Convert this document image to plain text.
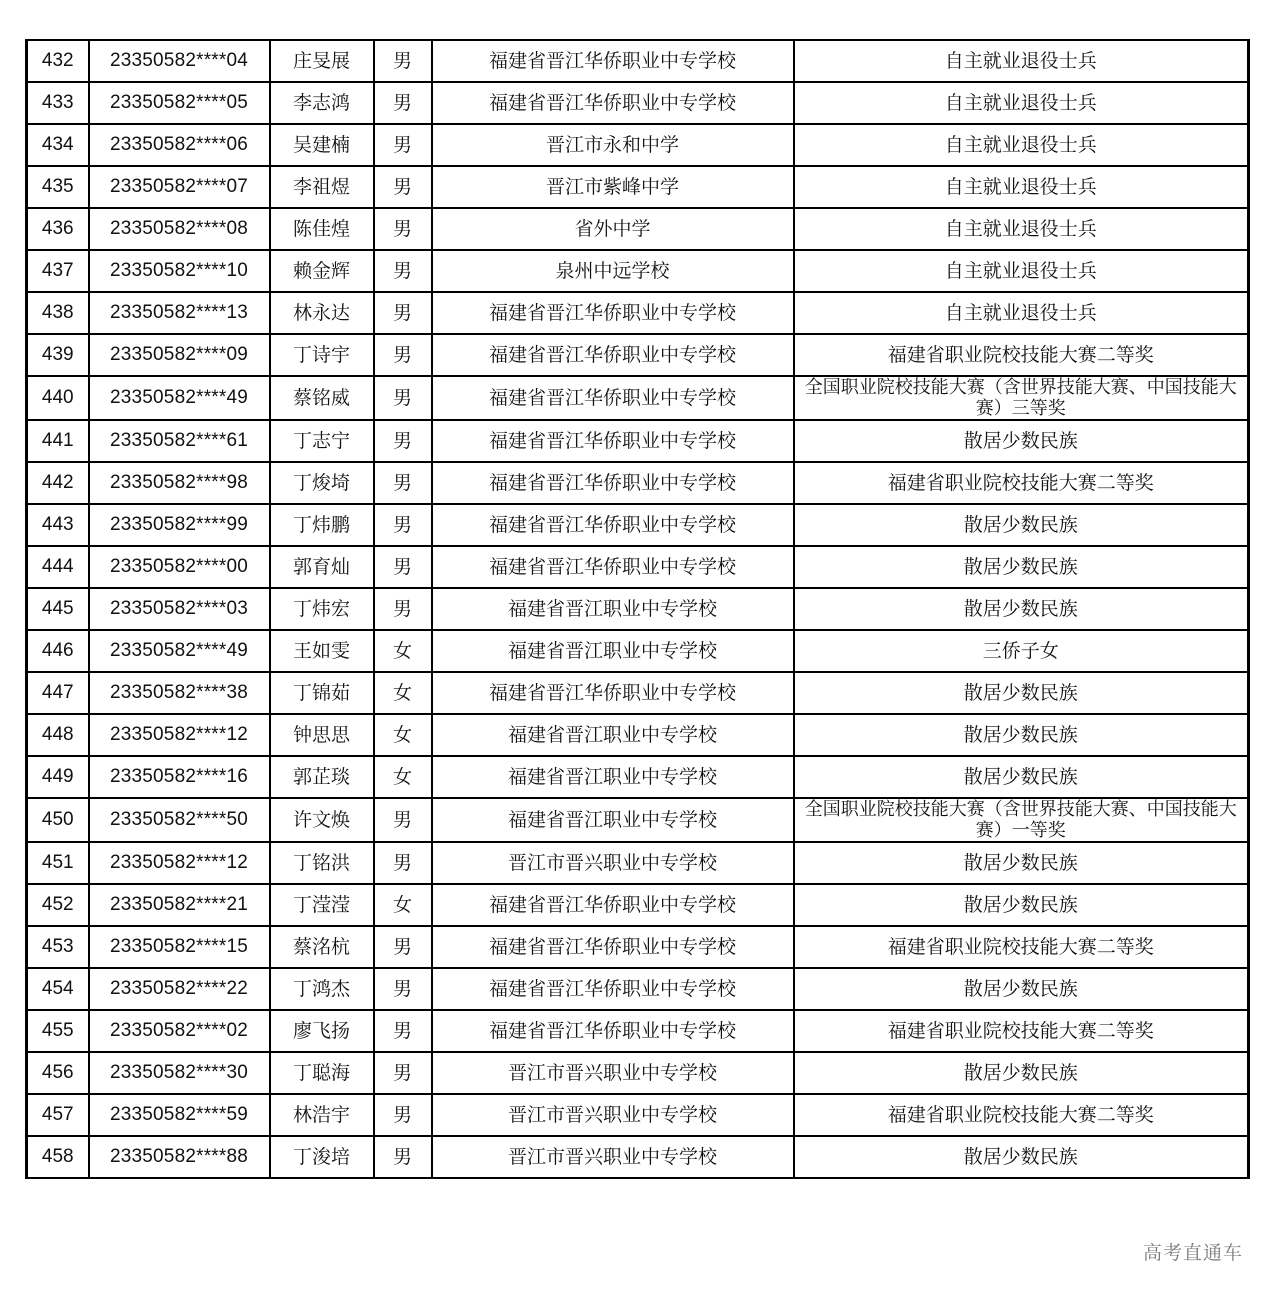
432	23350582****04	庄旻展	男	福建省晋江华侨职业中专学校	自主就业退役士兵
433	23350582****05	李志鸿	男	福建省晋江华侨职业中专学校	自主就业退役士兵
434	23350582****06	吴建楠	男	晋江市永和中学	自主就业退役士兵
435	23350582****07	李祖煜	男	晋江市紫峰中学	自主就业退役士兵
436	23350582****08	陈佳煌	男	省外中学	自主就业退役士兵
437	23350582****10	赖金辉	男	泉州中远学校	自主就业退役士兵
438	23350582****13	林永达	男	福建省晋江华侨职业中专学校	自主就业退役士兵
439	23350582****09	丁诗宇	男	福建省晋江华侨职业中专学校	福建省职业院校技能大赛二等奖
440	23350582****49	蔡铭威	男	福建省晋江华侨职业中专学校	全国职业院校技能大赛（含世界技能大赛、中国技能大赛）三等奖
441	23350582****61	丁志宁	男	福建省晋江华侨职业中专学校	散居少数民族
442	23350582****98	丁焌埼	男	福建省晋江华侨职业中专学校	福建省职业院校技能大赛二等奖
443	23350582****99	丁炜鹏	男	福建省晋江华侨职业中专学校	散居少数民族
444	23350582****00	郭育灿	男	福建省晋江华侨职业中专学校	散居少数民族
445	23350582****03	丁炜宏	男	福建省晋江职业中专学校	散居少数民族
446	23350582****49	王如雯	女	福建省晋江职业中专学校	三侨子女
447	23350582****38	丁锦茹	女	福建省晋江华侨职业中专学校	散居少数民族
448	23350582****12	钟思思	女	福建省晋江职业中专学校	散居少数民族
449	23350582****16	郭芷琰	女	福建省晋江职业中专学校	散居少数民族
450	23350582****50	许文焕	男	福建省晋江职业中专学校	全国职业院校技能大赛（含世界技能大赛、中国技能大赛）一等奖
451	23350582****12	丁铭洪	男	晋江市晋兴职业中专学校	散居少数民族
452	23350582****21	丁滢滢	女	福建省晋江华侨职业中专学校	散居少数民族
453	23350582****15	蔡洺杭	男	福建省晋江华侨职业中专学校	福建省职业院校技能大赛二等奖
454	23350582****22	丁鸿杰	男	福建省晋江华侨职业中专学校	散居少数民族
455	23350582****02	廖飞扬	男	福建省晋江华侨职业中专学校	福建省职业院校技能大赛二等奖
456	23350582****30	丁聪海	男	晋江市晋兴职业中专学校	散居少数民族
457	23350582****59	林浩宇	男	晋江市晋兴职业中专学校	福建省职业院校技能大赛二等奖
458	23350582****88	丁浚培	男	晋江市晋兴职业中专学校	散居少数民族
高考直通车
